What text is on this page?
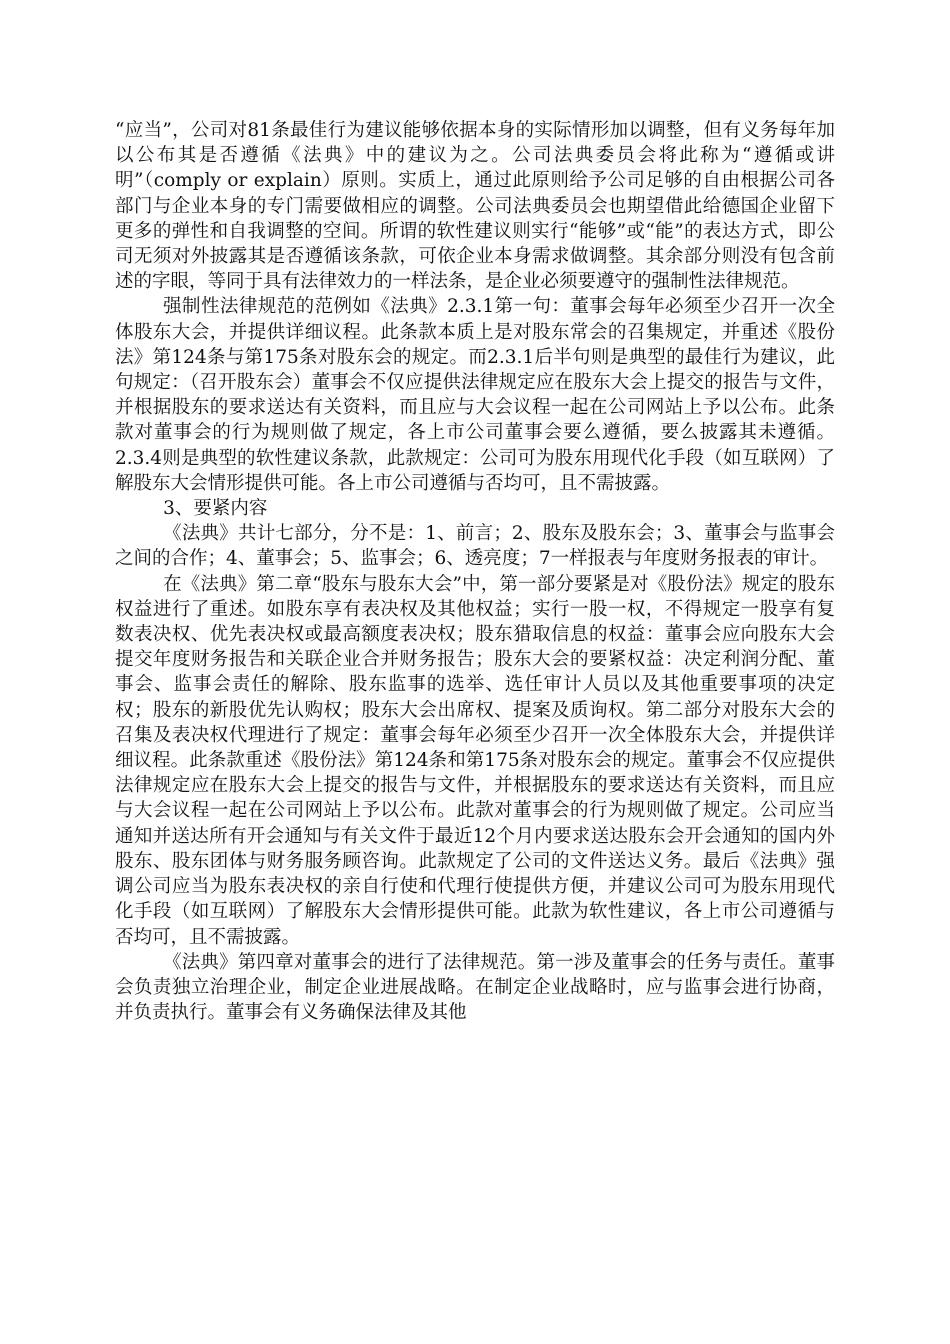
“应当”，公司对81条最佳行为建议能够依据本身的实际情形加以调整，但有义务每年加以公布其是否遵循《法典》中的建议为之。公司法典委员会将此称为“遵循或讲明”（comply or explain）原则。实质上，通过此原则给予公司足够的自由根据公司各部门与企业本身的专门需要做相应的调整。公司法典委员会也期望借此给德国企业留下更多的弹性和自我调整的空间。所谓的软性建议则实行“能够”或“能”的表达方式，即公司无须对外披露其是否遵循该条款，可依企业本身需求做调整。其余部分则没有包含前述的字眼，等同于具有法律效力的一样法条，是企业必须要遵守的强制性法律规范。

强制性法律规范的范例如《法典》2.3.1第一句：董事会每年必须至少召开一次全体股东大会，并提供详细议程。此条款本质上是对股东常会的召集规定，并重述《股份法》第124条与第175条对股东会的规定。而2.3.1后半句则是典型的最佳行为建议，此句规定：（召开股东会）董事会不仅应提供法律规定应在股东大会上提交的报告与文件，并根据股东的要求送达有关资料，而且应与大会议程一起在公司网站上予以公布。此条款对董事会的行为规则做了规定，各上市公司董事会要么遵循，要么披露其未遵循。2.3.4则是典型的软性建议条款，此款规定：公司可为股东用现代化手段（如互联网）了解股东大会情形提供可能。各上市公司遵循与否均可，且不需披露。

3、要紧内容

《法典》共计七部分，分不是：1、前言；2、股东及股东会；3、董事会与监事会之间的合作；4、董事会；5、监事会；6、透亮度；7一样报表与年度财务报表的审计。

在《法典》第二章“股东与股东大会”中，第一部分要紧是对《股份法》规定的股东权益进行了重述。如股东享有表决权及其他权益；实行一股一权，不得规定一股享有复数表决权、优先表决权或最高额度表决权；股东猎取信息的权益：董事会应向股东大会提交年度财务报告和关联企业合并财务报告；股东大会的要紧权益：决定利润分配、董事会、监事会责任的解除、股东监事的选举、选任审计人员以及其他重要事项的决定权；股东的新股优先认购权；股东大会出席权、提案及质询权。第二部分对股东大会的召集及表决权代理进行了规定：董事会每年必须至少召开一次全体股东大会，并提供详细议程。此条款重述《股份法》第124条和第175条对股东会的规定。董事会不仅应提供法律规定应在股东大会上提交的报告与文件，并根据股东的要求送达有关资料，而且应与大会议程一起在公司网站上予以公布。此款对董事会的行为规则做了规定。公司应当通知并送达所有开会通知与有关文件于最近12个月内要求送达股东会开会通知的国内外股东、股东团体与财务服务顾咨询。此款规定了公司的文件送达义务。最后《法典》强调公司应当为股东表决权的亲自行使和代理行使提供方便，并建议公司可为股东用现代化手段（如互联网）了解股东大会情形提供可能。此款为软性建议，各上市公司遵循与否均可，且不需披露。

《法典》第四章对董事会的进行了法律规范。第一涉及董事会的任务与责任。董事会负责独立治理企业，制定企业进展战略。在制定企业战略时，应与监事会进行协商，并负责执行。董事会有义务确保法律及其他
